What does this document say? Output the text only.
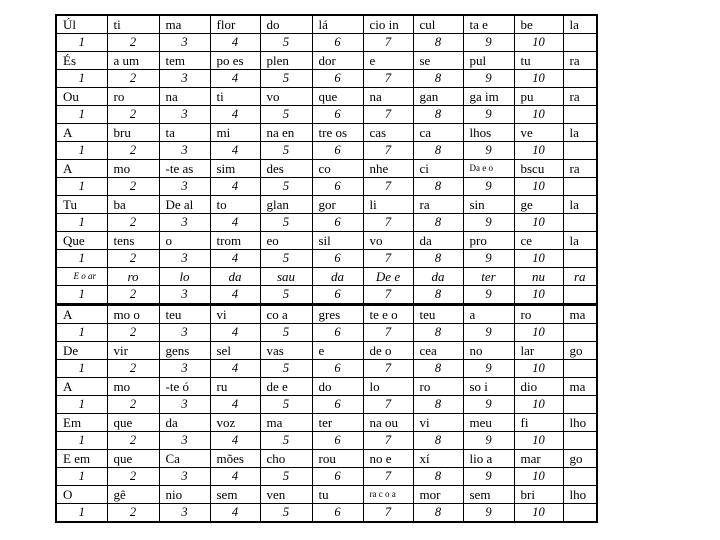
Úl	ti	ma	flor	do	lá	cio in	cul	ta e	be	la
1	2	3	4	5	6	7	8	9	10	
És	a um	tem	po es	plen	dor	e	se	pul	tu	ra
1	2	3	4	5	6	7	8	9	10	
Ou	ro	na	ti	vo	que	na	gan	ga im	pu	ra
1	2	3	4	5	6	7	8	9	10	
A	bru	ta	mi	na en	tre os	cas	ca	lhos	ve	la
1	2	3	4	5	6	7	8	9	10	
A	mo	-te as	sim	des	co	nhe	ci	Da e o	bscu	ra
1	2	3	4	5	6	7	8	9	10	
Tu	ba	De al	to	glan	gor	li	ra	sin	ge	la
1	2	3	4	5	6	7	8	9	10	
Que	tens	o	trom	eo	sil	vo	da	pro	ce	la
1	2	3	4	5	6	7	8	9	10	
E o ar	ro	lo	da	sau	da	De e	da	ter	nu	ra
1	2	3	4	5	6	7	8	9	10	
A	mo o	teu	vi	co a	gres	te e o	teu	a	ro	ma
1	2	3	4	5	6	7	8	9	10	
De	vir	gens	sel	vas	e	de o	cea	no	lar	go
1	2	3	4	5	6	7	8	9	10	
A	mo	-te ó	ru	de e	do	lo	ro	so i	dio	ma
1	2	3	4	5	6	7	8	9	10	
Em	que	da	voz	ma	ter	na ou	vi	meu	fi	lho
1	2	3	4	5	6	7	8	9	10	
E em	que	Ca	mões	cho	rou	no e	xí	lio a	mar	go
1	2	3	4	5	6	7	8	9	10	
O	gê	nio	sem	ven	tu	ra c o a	mor	sem	bri	lho
1	2	3	4	5	6	7	8	9	10	
